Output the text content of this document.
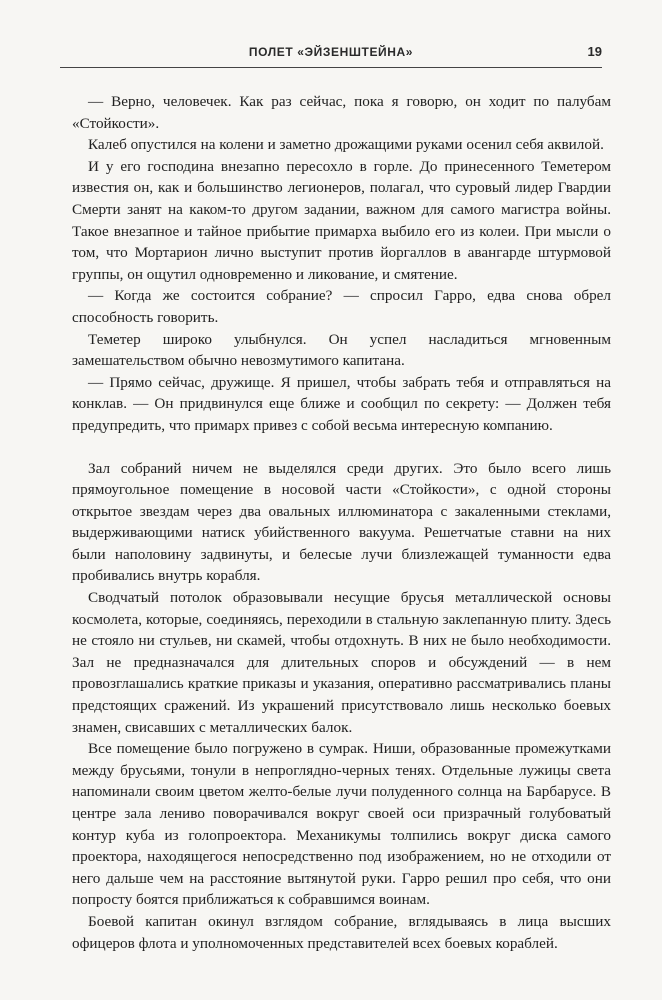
ПОЛЕТ «ЭЙЗЕНШТЕЙНА»	19

— Верно, человечек. Как раз сейчас, пока я говорю, он ходит по палубам «Стойкости».

Калеб опустился на колени и заметно дрожащими руками осенил себя аквилой.

И у его господина внезапно пересохло в горле. До принесенного Теметером известия он, как и большинство легионеров, полагал, что суровый лидер Гвардии Смерти занят на каком-то другом задании, важном для самого магистра войны. Такое внезапное и тайное прибытие примарха выбило его из колеи. При мысли о том, что Мортарион лично выступит против йоргаллов в авангарде штурмовой группы, он ощутил одновременно и ликование, и смятение.

— Когда же состоится собрание? — спросил Гарро, едва снова обрел способность говорить.

Теметер широко улыбнулся. Он успел насладиться мгновенным замешательством обычно невозмутимого капитана.

— Прямо сейчас, дружище. Я пришел, чтобы забрать тебя и отправляться на конклав. — Он придвинулся еще ближе и сообщил по секрету: — Должен тебя предупредить, что примарх привез с собой весьма интересную компанию.

Зал собраний ничем не выделялся среди других. Это было всего лишь прямоугольное помещение в носовой части «Стойкости», с одной стороны открытое звездам через два овальных иллюминатора с закаленными стеклами, выдерживающими натиск убийственного вакуума. Решетчатые ставни на них были наполовину задвинуты, и белесые лучи близлежащей туманности едва пробивались внутрь корабля.

Сводчатый потолок образовывали несущие брусья металлической основы космолета, которые, соединяясь, переходили в стальную заклепанную плиту. Здесь не стояло ни стульев, ни скамей, чтобы отдохнуть. В них не было необходимости. Зал не предназначался для длительных споров и обсуждений — в нем провозглашались краткие приказы и указания, оперативно рассматривались планы предстоящих сражений. Из украшений присутствовало лишь несколько боевых знамен, свисавших с металлических балок.

Все помещение было погружено в сумрак. Ниши, образованные промежутками между брусьями, тонули в непроглядно-черных тенях. Отдельные лужицы света напоминали своим цветом желто-белые лучи полуденного солнца на Барбарусе. В центре зала лениво поворачивался вокруг своей оси призрачный голубоватый контур куба из голопроектора. Механикумы толпились вокруг диска самого проектора, находящегося непосредственно под изображением, но не отходили от него дальше чем на расстояние вытянутой руки. Гарро решил про себя, что они попросту боятся приближаться к собравшимся воинам.

Боевой капитан окинул взглядом собрание, вглядываясь в лица высших офицеров флота и уполномоченных представителей всех боевых кораблей.
